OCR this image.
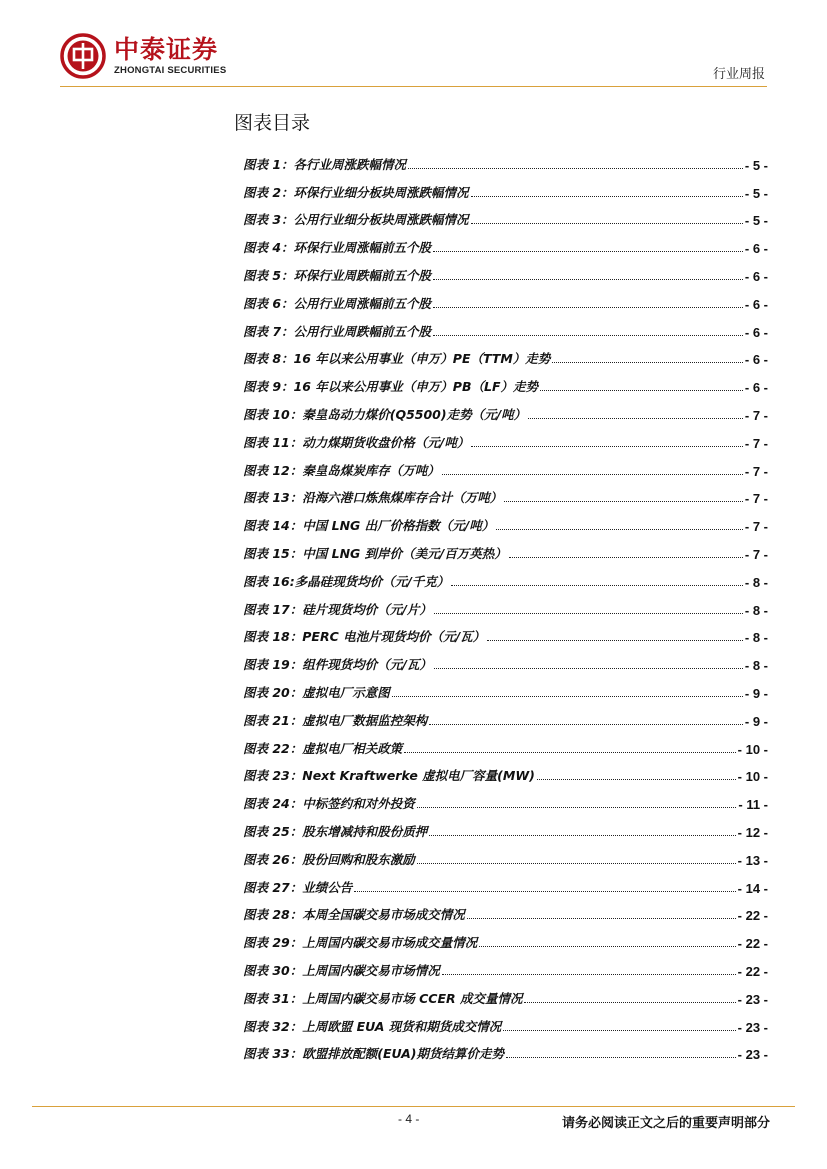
中泰证券
ZHONGTAI SECURITIES	行业周报
图表目录
图表 1：各行业周涨跌幅情况	- 5 -
图表 2：环保行业细分板块周涨跌幅情况	- 5 -
图表 3：公用行业细分板块周涨跌幅情况	- 5 -
图表 4：环保行业周涨幅前五个股	- 6 -
图表 5：环保行业周跌幅前五个股	- 6 -
图表 6：公用行业周涨幅前五个股	- 6 -
图表 7：公用行业周跌幅前五个股	- 6 -
图表 8：16 年以来公用事业（申万）PE（TTM）走势	- 6 -
图表 9：16 年以来公用事业（申万）PB（LF）走势	- 6 -
图表 10：秦皇岛动力煤价(Q5500)走势（元/吨）	- 7 -
图表 11：动力煤期货收盘价格（元/吨）	- 7 -
图表 12：秦皇岛煤炭库存（万吨）	- 7 -
图表 13：沿海六港口炼焦煤库存合计（万吨）	- 7 -
图表 14：中国 LNG 出厂价格指数（元/吨）	- 7 -
图表 15：中国 LNG 到岸价（美元/百万英热）	- 7 -
图表 16:多晶硅现货均价（元/千克）	- 8 -
图表 17：硅片现货均价（元/片）	- 8 -
图表 18：PERC 电池片现货均价（元/瓦）	- 8 -
图表 19：组件现货均价（元/瓦）	- 8 -
图表 20：虚拟电厂示意图	- 9 -
图表 21：虚拟电厂数据监控架构	- 9 -
图表 22：虚拟电厂相关政策	- 10 -
图表 23：Next Kraftwerke 虚拟电厂容量(MW)	- 10 -
图表 24：中标签约和对外投资	- 11 -
图表 25：股东增减持和股份质押	- 12 -
图表 26：股份回购和股东激励	- 13 -
图表 27：业绩公告	- 14 -
图表 28：本周全国碳交易市场成交情况	- 22 -
图表 29：上周国内碳交易市场成交量情况	- 22 -
图表 30：上周国内碳交易市场情况	- 22 -
图表 31：上周国内碳交易市场 CCER 成交量情况	- 23 -
图表 32：上周欧盟 EUA 现货和期货成交情况	- 23 -
图表 33：欧盟排放配额(EUA)期货结算价走势	- 23 -
- 4 -	请务必阅读正文之后的重要声明部分
